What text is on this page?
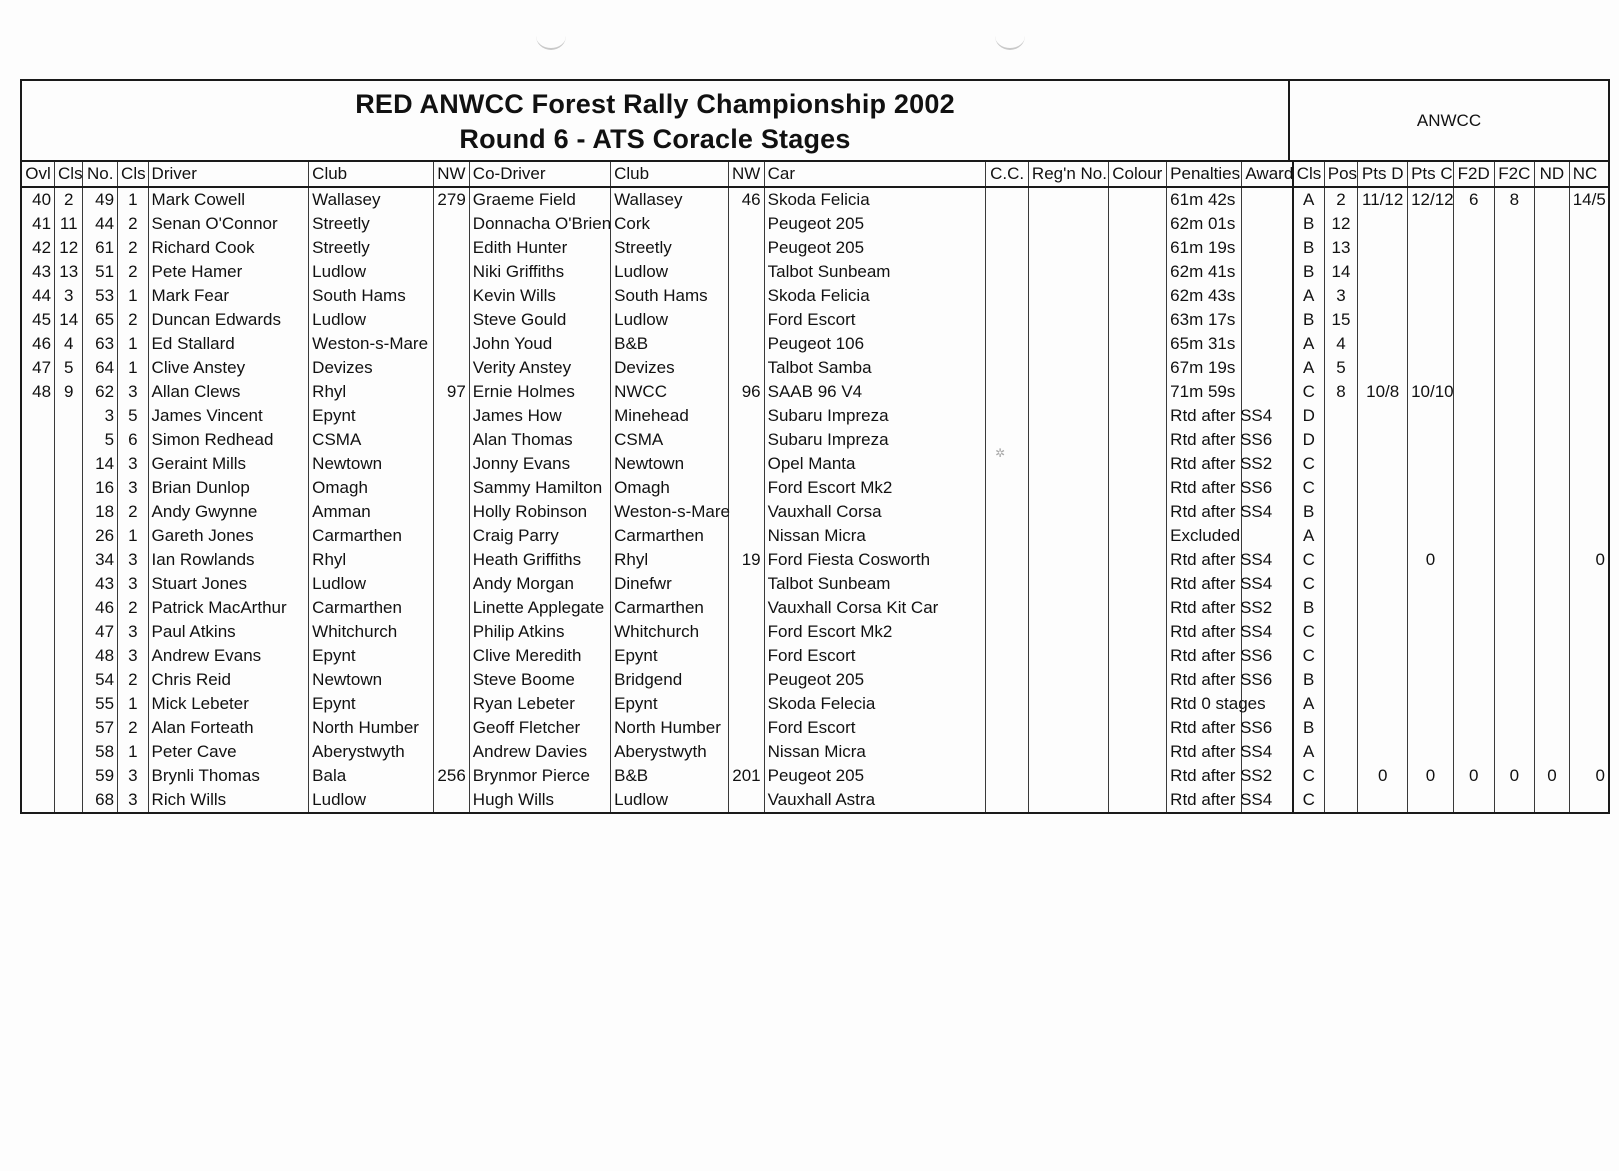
RED ANWCC Forest Rally Championship 2002
Round 6 - ATS Coracle Stages
ANWCC
Ovl	Cls	No.	Cls	Driver	Club	NW	Co-Driver	Club	NW	Car	C.C.	Reg'n No.	Colour	Penalties	Award	Cls	Pos	Pts D	Pts C	F2D	F2C	ND	NC
40	2	49	1	Mark Cowell	Wallasey	279	Graeme Field	Wallasey	46	Skoda Felicia				61m 42s		A	2	11/12	12/12	6	8		14/5
41	11	44	2	Senan O'Connor	Streetly		Donnacha O'Brien	Cork		Peugeot 205				62m 01s		B	12						
42	12	61	2	Richard Cook	Streetly		Edith Hunter	Streetly		Peugeot 205				61m 19s		B	13						
43	13	51	2	Pete Hamer	Ludlow		Niki Griffiths	Ludlow		Talbot Sunbeam				62m 41s		B	14						
44	3	53	1	Mark Fear	South Hams		Kevin Wills	South Hams		Skoda Felicia				62m 43s		A	3						
45	14	65	2	Duncan Edwards	Ludlow		Steve Gould	Ludlow		Ford Escort				63m 17s		B	15						
46	4	63	1	Ed Stallard	Weston-s-Mare		John Youd	B&B		Peugeot 106				65m 31s		A	4						
47	5	64	1	Clive Anstey	Devizes		Verity Anstey	Devizes		Talbot Samba				67m 19s		A	5						
48	9	62	3	Allan Clews	Rhyl	97	Ernie Holmes	NWCC	96	SAAB 96 V4				71m 59s		C	8	10/8	10/10				
		3	5	James Vincent	Epynt		James How	Minehead		Subaru Impreza				Rtd after SS4		D							
		5	6	Simon Redhead	CSMA		Alan Thomas	CSMA		Subaru Impreza				Rtd after SS6		D							
		14	3	Geraint Mills	Newtown		Jonny Evans	Newtown		Opel Manta				Rtd after SS2		C							
		16	3	Brian Dunlop	Omagh		Sammy Hamilton	Omagh		Ford Escort Mk2				Rtd after SS6		C							
		18	2	Andy Gwynne	Amman		Holly Robinson	Weston-s-Mare		Vauxhall Corsa				Rtd after SS4		B							
		26	1	Gareth Jones	Carmarthen		Craig Parry	Carmarthen		Nissan Micra				Excluded		A							
		34	3	Ian Rowlands	Rhyl		Heath Griffiths	Rhyl	19	Ford Fiesta Cosworth				Rtd after SS4		C			0				0
		43	3	Stuart Jones	Ludlow		Andy Morgan	Dinefwr		Talbot Sunbeam				Rtd after SS4		C							
		46	2	Patrick MacArthur	Carmarthen		Linette Applegate	Carmarthen		Vauxhall Corsa Kit Car				Rtd after SS2		B							
		47	3	Paul Atkins	Whitchurch		Philip Atkins	Whitchurch		Ford Escort Mk2				Rtd after SS4		C							
		48	3	Andrew Evans	Epynt		Clive Meredith	Epynt		Ford Escort				Rtd after SS6		C							
		54	2	Chris Reid	Newtown		Steve Boome	Bridgend		Peugeot 205				Rtd after SS6		B							
		55	1	Mick Lebeter	Epynt		Ryan Lebeter	Epynt		Skoda Felecia				Rtd 0 stages		A							
		57	2	Alan Forteath	North Humber		Geoff Fletcher	North Humber		Ford Escort				Rtd after SS6		B							
		58	1	Peter Cave	Aberystwyth		Andrew Davies	Aberystwyth		Nissan Micra				Rtd after SS4		A							
		59	3	Brynli Thomas	Bala	256	Brynmor Pierce	B&B	201	Peugeot 205				Rtd after SS2		C		0	0	0	0	0	0
		68	3	Rich Wills	Ludlow		Hugh Wills	Ludlow		Vauxhall Astra				Rtd after SS4		C							
✲
